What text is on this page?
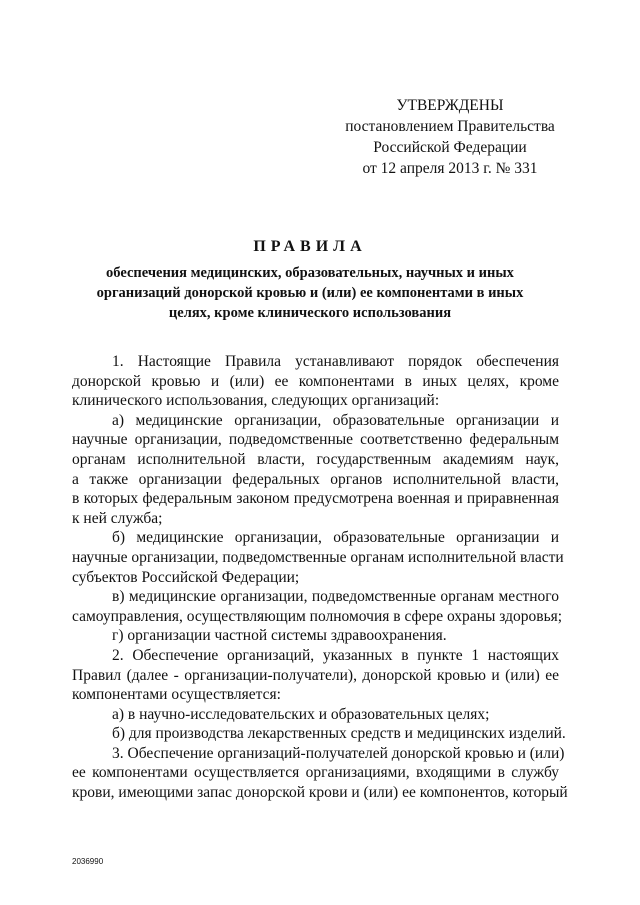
УТВЕРЖДЕНЫ
постановлением Правительства
Российской Федерации
от 12 апреля 2013 г. № 331
ПРАВИЛА
обеспечения медицинских, образовательных, научных и иных
организаций донорской кровью и (или) ее компонентами в иных
целях, кроме клинического использования
1. Настоящие Правила устанавливают порядок обеспечения
донорской кровью и (или) ее компонентами в иных целях, кроме
клинического использования, следующих организаций:
а) медицинские организации, образовательные организации и
научные организации, подведомственные соответственно федеральным
органам исполнительной власти, государственным академиям наук,
а также организации федеральных органов исполнительной власти,
в которых федеральным законом предусмотрена военная и приравненная
к ней служба;
б) медицинские организации, образовательные организации и
научные организации, подведомственные органам исполнительной власти
субъектов Российской Федерации;
в) медицинские организации, подведомственные органам местного
самоуправления, осуществляющим полномочия в сфере охраны здоровья;
г) организации частной системы здравоохранения.
2. Обеспечение организаций, указанных в пункте 1 настоящих
Правил (далее - организации-получатели), донорской кровью и (или) ее
компонентами осуществляется:
а) в научно-исследовательских и образовательных целях;
б) для производства лекарственных средств и медицинских изделий.
3. Обеспечение организаций-получателей донорской кровью и (или)
ее компонентами осуществляется организациями, входящими в службу
крови, имеющими запас донорской крови и (или) ее компонентов, который
2036990
